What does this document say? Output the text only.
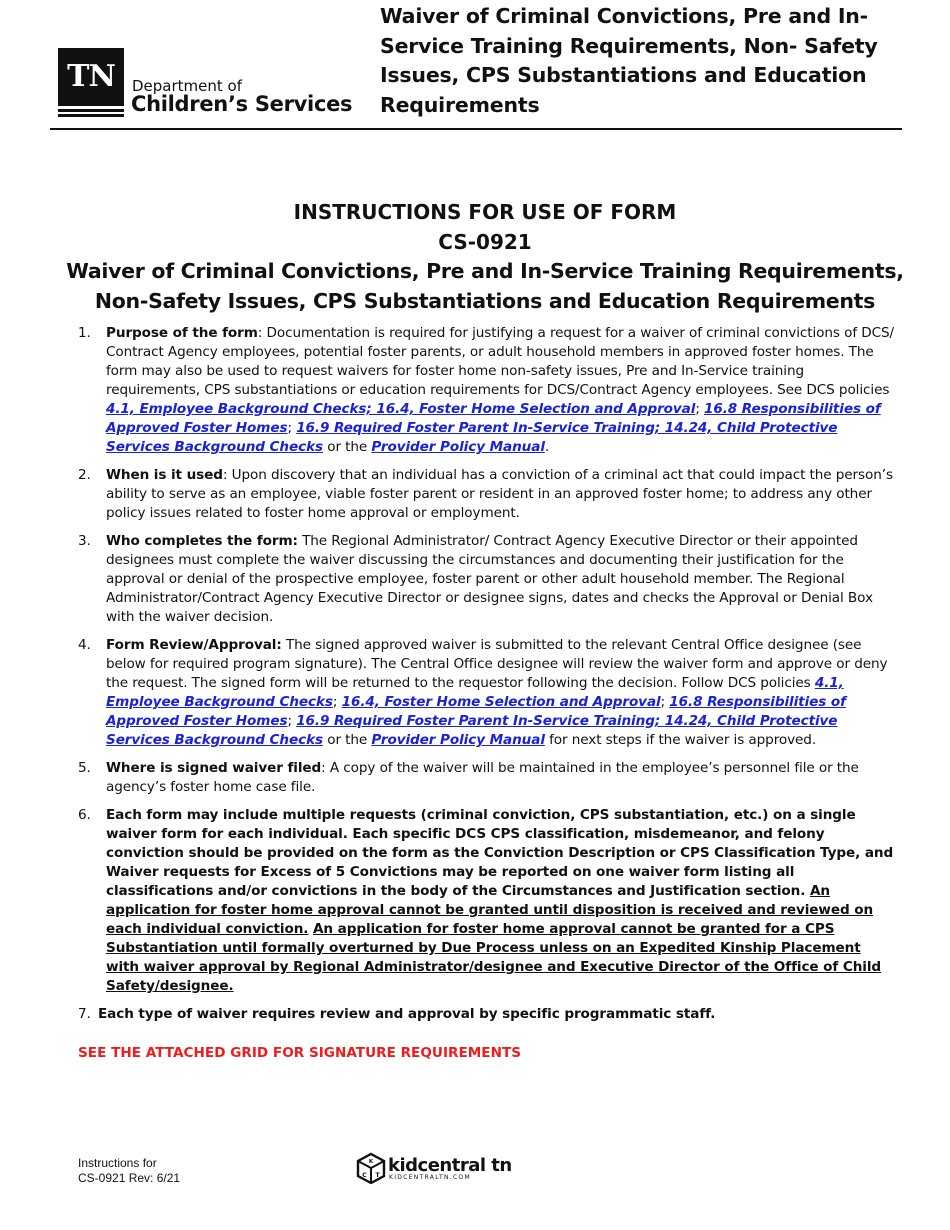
TN	Department of
Children’s Services
Waiver of Criminal Convictions, Pre and In-Service Training Requirements, Non- Safety Issues, CPS Substantiations and Education Requirements
INSTRUCTIONS FOR USE OF FORM
CS-0921
Waiver of Criminal Convictions, Pre and In-Service Training Requirements,
Non-Safety Issues, CPS Substantiations and Education Requirements
1. Purpose of the form: Documentation is required for justifying a request for a waiver of criminal convictions of DCS/ Contract Agency employees, potential foster parents, or adult household members in approved foster homes. The form may also be used to request waivers for foster home non-safety issues, Pre and In-Service training requirements, CPS substantiations or education requirements for DCS/Contract Agency employees. See DCS policies 4.1, Employee Background Checks; 16.4, Foster Home Selection and Approval; 16.8 Responsibilities of Approved Foster Homes; 16.9 Required Foster Parent In-Service Training; 14.24, Child Protective Services Background Checks or the Provider Policy Manual.
2. When is it used: Upon discovery that an individual has a conviction of a criminal act that could impact the person’s ability to serve as an employee, viable foster parent or resident in an approved foster home; to address any other policy issues related to foster home approval or employment.
3. Who completes the form: The Regional Administrator/ Contract Agency Executive Director or their appointed designees must complete the waiver discussing the circumstances and documenting their justification for the approval or denial of the prospective employee, foster parent or other adult household member. The Regional Administrator/Contract Agency Executive Director or designee signs, dates and checks the Approval or Denial Box with the waiver decision.
4. Form Review/Approval: The signed approved waiver is submitted to the relevant Central Office designee (see below for required program signature). The Central Office designee will review the waiver form and approve or deny the request. The signed form will be returned to the requestor following the decision. Follow DCS policies 4.1, Employee Background Checks; 16.4, Foster Home Selection and Approval; 16.8 Responsibilities of Approved Foster Homes; 16.9 Required Foster Parent In-Service Training; 14.24, Child Protective Services Background Checks or the Provider Policy Manual for next steps if the waiver is approved.
5. Where is signed waiver filed: A copy of the waiver will be maintained in the employee’s personnel file or the agency’s foster home case file.
6. Each form may include multiple requests (criminal conviction, CPS substantiation, etc.) on a single waiver form for each individual. Each specific DCS CPS classification, misdemeanor, and felony conviction should be provided on the form as the Conviction Description or CPS Classification Type, and Waiver requests for Excess of 5 Convictions may be reported on one waiver form listing all classifications and/or convictions in the body of the Circumstances and Justification section. An application for foster home approval cannot be granted until disposition is received and reviewed on each individual conviction. An application for foster home approval cannot be granted for a CPS Substantiation until formally overturned by Due Process unless on an Expedited Kinship Placement with waiver approval by Regional Administrator/designee and Executive Director of the Office of Child Safety/designee.
7. Each type of waiver requires review and approval by specific programmatic staff.
SEE THE ATTACHED GRID FOR SIGNATURE REQUIREMENTS
Instructions for
CS-0921 Rev: 6/21
K
C T kidcentral tn
KIDCENTRALTN.COM
